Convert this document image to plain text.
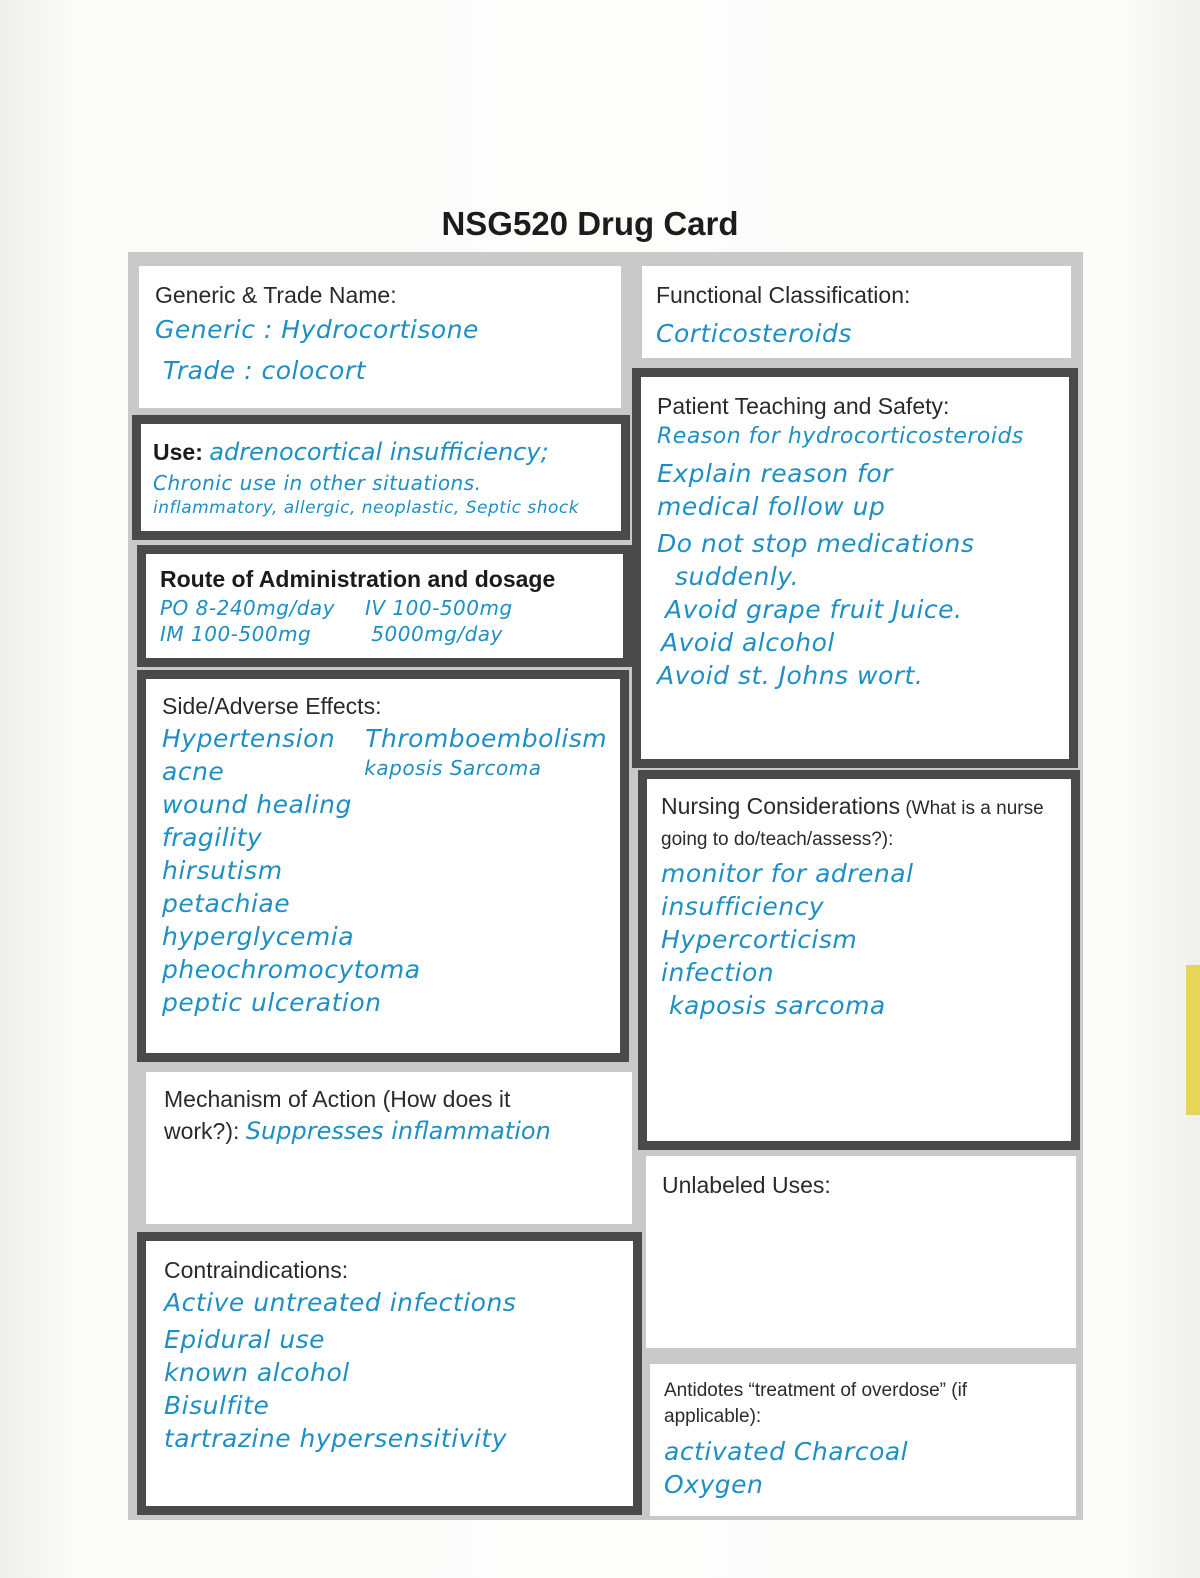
NSG520 Drug Card
Generic & Trade Name:
Generic : Hydrocortisone
Trade : colocort
Functional Classification:
Corticosteroids
Use: adrenocortical insufficiency;
Chronic use in other situations.
inflammatory, allergic, neoplastic, Septic shock
Patient Teaching and Safety:
Reason for hydrocorticosteroids
Explain reason for
medical follow up
Do not stop medications
suddenly.
Avoid grape fruit Juice.
Avoid alcohol
Avoid st. Johns wort.
Route of Administration and dosage
PO 8-240mg/day IV 100-500mg
IM 100-500mg	5000mg/day
Side/Adverse Effects:
Hypertension Thromboembolism
acne	kaposis Sarcoma
wound healing
fragility
hirsutism
petachiae
hyperglycemia
pheochromocytoma
peptic ulceration
Nursing Considerations (What is a nurse going to do/teach/assess?):
monitor for adrenal
insufficiency
Hypercorticism
infection
kaposis sarcoma
Mechanism of Action (How does it work?): Suppresses inflammation
Unlabeled Uses:
Contraindications:
Active untreated infections
Epidural use
known alcohol
Bisulfite
tartrazine hypersensitivity
Antidotes “treatment of overdose” (if applicable):
activated Charcoal
Oxygen
